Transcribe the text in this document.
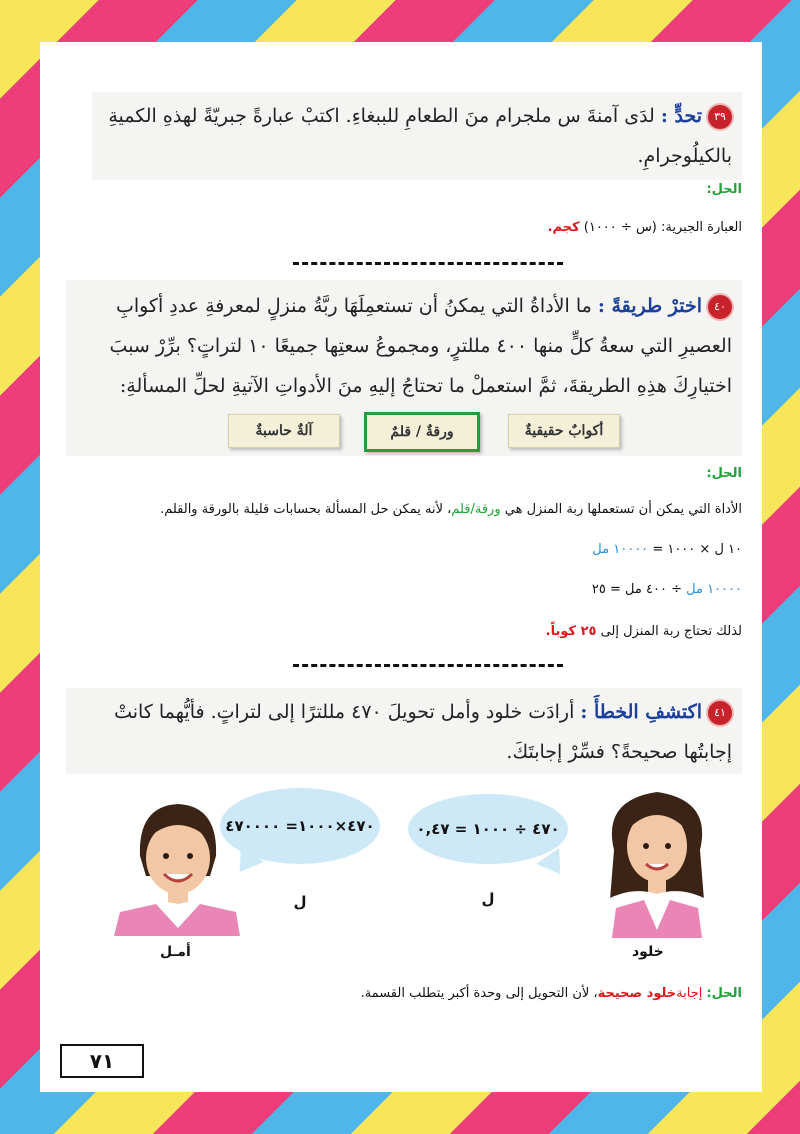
٣٩تحدٍّ :لدَى آمنةَ س ملجرام منَ الطعامِ للببغاءِ. اكتبْ عبارةً جبريّةً لهذهِ الكميةِ بالكيلُوجرامِ.
الحل:
العبارة الجبرية: (س ÷ ١٠٠٠) كجم.
٤٠اخترْ طريقةً :ما الأداةُ التي يمكنُ أن تستعمِلَهَا ربَّةُ منزلٍ لمعرفةِ عددِ أكوابِ العصيرِ التي سعةُ كلٍّ منها ٤٠٠ مللترٍ، ومجموعُ سعتِها جميعًا ١٠ لتراتٍ؟ برِّرْ سببَ اختيارِكَ هذِهِ الطريقةَ، ثمَّ استعملْ ما تحتاجُ إليهِ منَ الأدواتِ الآتيةِ لحلِّ المسألةِ:
أكوابٌ حقيقيةٌ
ورقةٌ / قلمٌ
آلةٌ حاسبةٌ
الحل:
الأداة التي يمكن أن تستعملها ربة المنزل هي ورقة/قلم، لأنه يمكن حل المسألة بحسابات قليلة بالورقة والقلم.
١٠ ل × ١٠٠٠ = ١٠٠٠٠ مل
١٠٠٠٠ مل ÷ ٤٠٠ مل = ٢٥
لذلك تحتاج ربة المنزل إلى ٢٥ كوباً.
٤١اكتشفِ الخطأَ :أرادَت خلود وأمل تحويلَ ٤٧٠ مللترًا إلى لتراتٍ. فأيُّهما كانتْ إجابتُها صحيحةً؟ فسِّرْ إجابتَكَ.
٤٧٠ ÷ ١٠٠٠ = ٠,٤٧ ل
خلود
٤٧٠×١٠٠٠= ٤٧٠٠٠٠ ل
أمـل
الحل: إجابةخلود صحيحة، لأن التحويل إلى وحدة أكبر يتطلب القسمة.
٧١
